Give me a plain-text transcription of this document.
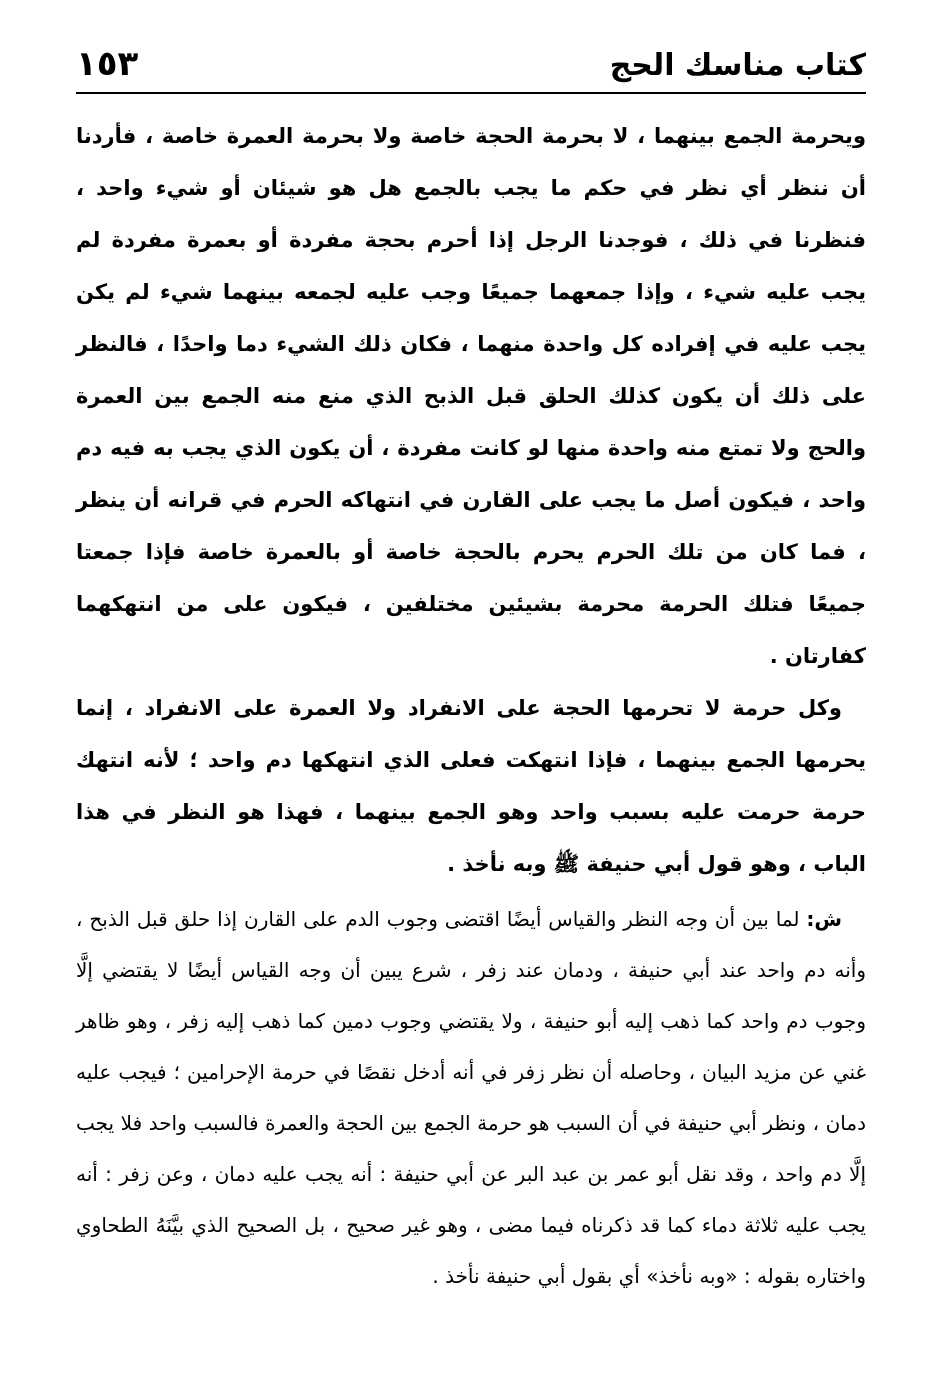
كتاب مناسك الحج
١٥٣

ويحرمة الجمع بينهما ، لا بحرمة الحجة خاصة ولا بحرمة العمرة خاصة ، فأردنا أن ننظر أي نظر في حكم ما يجب بالجمع هل هو شيئان أو شيء واحد ، فنظرنا في ذلك ، فوجدنا الرجل إذا أحرم بحجة مفردة أو بعمرة مفردة لم يجب عليه شيء ، وإذا جمعهما جميعًا وجب عليه لجمعه بينهما شيء لم يكن يجب عليه في إفراده كل واحدة منهما ، فكان ذلك الشيء دما واحدًا ، فالنظر على ذلك أن يكون كذلك الحلق قبل الذبح الذي منع منه الجمع بين العمرة والحج ولا تمتع منه واحدة منها لو كانت مفردة ، أن يكون الذي يجب به فيه دم واحد ، فيكون أصل ما يجب على القارن في انتهاكه الحرم في قرانه أن ينظر ، فما كان من تلك الحرم يحرم بالحجة خاصة أو بالعمرة خاصة فإذا جمعتا جميعًا فتلك الحرمة محرمة بشيئين مختلفين ، فيكون على من انتهكهما كفارتان .

وكل حرمة لا تحرمها الحجة على الانفراد ولا العمرة على الانفراد ، إنما يحرمها الجمع بينهما ، فإذا انتهكت فعلى الذي انتهكها دم واحد ؛ لأنه انتهك حرمة حرمت عليه بسبب واحد وهو الجمع بينهما ، فهذا هو النظر في هذا الباب ، وهو قول أبي حنيفة ﷺ وبه نأخذ .

ش: لما بين أن وجه النظر والقياس أيضًا اقتضى وجوب الدم على القارن إذا حلق قبل الذبح ، وأنه دم واحد عند أبي حنيفة ، ودمان عند زفر ، شرع يبين أن وجه القياس أيضًا لا يقتضي إلَّا وجوب دم واحد كما ذهب إليه أبو حنيفة ، ولا يقتضي وجوب دمين كما ذهب إليه زفر ، وهو ظاهر غني عن مزيد البيان ، وحاصله أن نظر زفر في أنه أدخل نقصًا في حرمة الإحرامين ؛ فيجب عليه دمان ، ونظر أبي حنيفة في أن السبب هو حرمة الجمع بين الحجة والعمرة فالسبب واحد فلا يجب إلَّا دم واحد ، وقد نقل أبو عمر بن عبد البر عن أبي حنيفة : أنه يجب عليه دمان ، وعن زفر : أنه يجب عليه ثلاثة دماء كما قد ذكرناه فيما مضى ، وهو غير صحيح ، بل الصحيح الذي بيَّنَهُ الطحاوي واختاره بقوله : «وبه نأخذ» أي بقول أبي حنيفة نأخذ .
